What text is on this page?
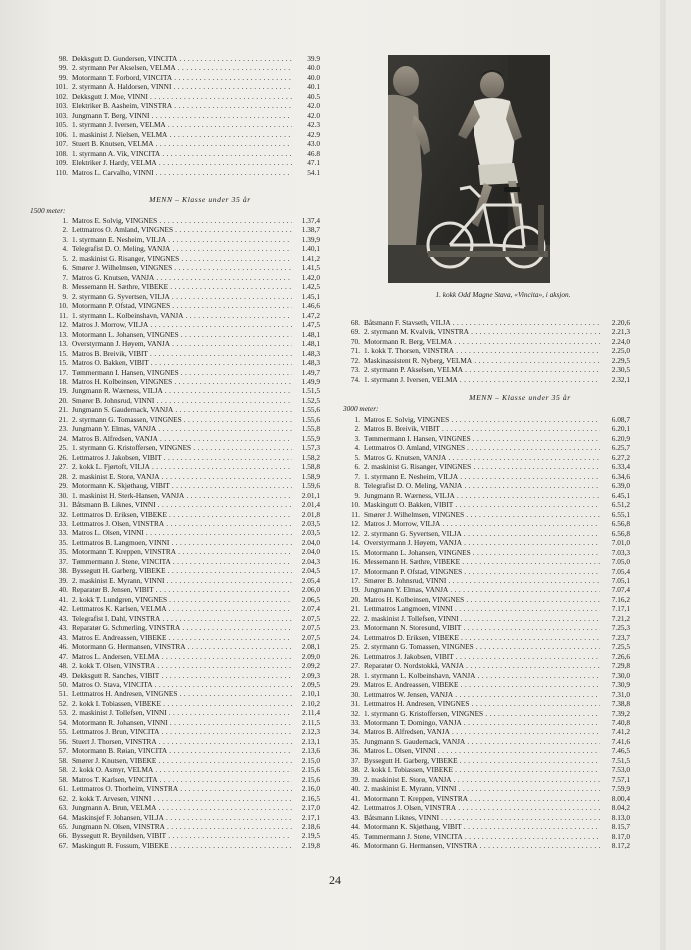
98. Dekksgutt D. Gundersen, VINCITA . . .	39.9
99. 2. styrmann Per Akselsen, VELMA . . .	40.0
99. Motormann T. Forbord, VINCITA . . .	40.0
101. 2. styrmann Å. Haldorsen, VINNI . . .	40.1
102. Dekksgutt J. Moe, VINNI . . .	40.5
103. Elektriker B. Aasheim, VINSTRA . . .	42.0
103. Jungmann T. Berg, VINNI . . .	42.0
105. 1. styrmann J. Iversen, VELMA . . .	42.3
106. 1. maskinist J. Nielsen, VELMA . . .	42.9
107. Stuert B. Knutsen, VELMA . . .	43.0
108. 1. styrmann A. Vik, VINCITA . . .	46.8
109. Elektriker J. Hardy, VELMA . . .	47.1
110. Matros L. Carvalho, VINNI . . .	54.1
MENN – Klasse under 35 år
1500 meter:
1. Matros E. Solvig, VINGNES . . .	1.37,4
2. Lettmatros O. Amland, VINGNES . . .	1.38,7
3. 1. styrmann E. Nesheim, VILJA . . .	1.39,9
4. Telegrafist D. O. Meling, VANJA . . .	1.40,1
5. 2. maskinist G. Risanger, VINGNES . . .	1.41,2
6. Smører J. Wilhelmsen, VINGNES . . .	1.41,5
7. Matros G. Knutsen, VANJA . . .	1.42,0
8. Messemann H. Sæthre, VIBEKE . . .	1.42,5
9. 2. styrmann G. Syvertsen, VILJA . . .	1.45,1
10. Motormann P. Ofstad, VINGNES . . .	1.46,6
11. 1. styrmann L. Kolbeinshavn, VANJA . . .	1.47,2
12. Matros J. Morrow, VILJA . . .	1.47,5
13. Motormann L. Johansen, VINGNES . . .	1.48,1
13. Overstyrmann J. Høyem, VANJA . . .	1.48,1
15. Matros B. Breivik, VIBIT . . .	1.48,3
15. Matros O. Bakken, VIBIT . . .	1.48,3
17. Tømmermann I. Hansen, VINGNES . . .	1.49,7
18. Matros H. Kolbeinsen, VINGNES . . .	1.49,9
19. Jungmann R. Wærness, VILJA . . .	1.51,5
20. Smører B. Johnsrud, VINNI . . .	1.52,5
21. Jungmann S. Gaudernack, VANJA . . .	1.55,6
21. 2. styrmann G. Tomassen, VINGNES . . .	1.55,6
23. Jungmann Y. Elmas, VANJA . . .	1.55,8
24. Matros B. Alfredsen, VANJA . . .	1.55,9
25. 1. styrmann G. Kristoffersen, VINGNES . . .	1.57,3
26. Lettmatros J. Jakobsen, VIBIT . . .	1.58,2
27. 2. kokk L. Fjørtoft, VILJA . . .	1.58,8
28. 2. maskinist E. Storø, VANJA . . .	1.58,9
29. Motormann K. Skjøthaug, VIBIT . . .	1.59,6
30. 1. maskinist H. Sterk-Hansen, VANJA . . .	2.01,1
31. Båtsmann B. Liknes, VINNI . . .	2.01,4
32. Lettmatros D. Eriksen, VIBEKE . . .	2.01,8
33. Lettmatros J. Olsen, VINSTRA . . .	2.03,5
33. Matros L. Olsen, VINNI . . .	2.03,5
35. Lettmatros B. Langmoen, VINNI . . .	2.04,0
35. Motormann T. Kreppen, VINSTRA . . .	2.04,0
37. Tømmermann J. Stene, VINCITA . . .	2.04,3
38. Byssegutt H. Garberg, VIBEKE . . .	2.04,5
39. 2. maskinist E. Myrann, VINNI . . .	2.05,4
40. Reparatør B. Jensen, VIBIT . . .	2.06,0
41. 2. kokk T. Lundgren, VINGNES . . .	2.06,5
42. Lettmatros K. Karlsen, VELMA . . .	2.07,4
43. Telegrafist I. Dahl, VINSTRA . . .	2.07,5
43. Reparatør G. Schmerling, VINSTRA . . .	2.07,5
43. Matros E. Andreassen, VIBEKE . . .	2.07,5
46. Motormann G. Hermansen, VINSTRA . . .	2.08,1
47. Matros L. Andersen, VELMA . . .	2.09,0
48. 2. kokk T. Olsen, VINSTRA . . .	2.09,2
49. Dekksgutt R. Sanches, VIBIT . . .	2.09,3
50. Matros O. Stava, VINCITA . . .	2.09,5
51. Lettmatros H. Andresen, VINGNES . . .	2.10,1
52. 2. kokk I. Tobiassen, VIBEKE . . .	2.10,2
53. 2. maskinist J. Tollefsen, VINNI . . .	2.11,4
54. Motormann R. Johansen, VINNI . . .	2.11,5
55. Lettmatros J. Brun, VINCITA . . .	2.12,3
56. Stuert J. Thorsen, VINSTRA . . .	2.13,1
57. Motormann B. Røian, VINCITA . . .	2.13,6
58. Smører J. Knutsen, VIBEKE . . .	2.15,0
58. 2. kokk O. Asmyr, VELMA . . .	2.15,6
58. Matros T. Karlsen, VINCITA . . .	2.15,6
61. Lettmatros O. Thorheim, VINSTRA . . .	2.16,0
62. 2. kokk T. Arvesen, VINNI . . .	2.16,5
63. Jungmann A. Brun, VELMA . . .	2.17,0
64. Maskinsjef F. Johansen, VILJA . . .	2.17,1
65. Jungmann N. Olsen, VINSTRA . . .	2.18,6
66. Byssegutt R. Brynildsen, VIBIT . . .	2.19,5
67. Maskingutt R. Fossum, VIBEKE . . .	2.19,8
1. kokk Odd Magne Stava, «Vincita», i aksjon.
68. Båtsmann F. Stavseth, VILJA . . .	2.20,6
69. 2. styrmann M. Kvalvik, VINSTRA . . .	2.21,3
70. Motormann R. Berg, VELMA . . .	2.24,0
71. 1. kokk T. Thorsen, VINSTRA . . .	2.25,0
72. Maskinassistent R. Nyberg, VELMA . . .	2.29,5
73. 2. styrmann P. Akselsen, VELMA . . .	2.30,5
74. 1. styrmann J. Iversen, VELMA . . .	2.32,1
MENN – Klasse under 35 år
3000 meter:
1. Matros E. Solvig, VINGNES . . .	6.08,7
2. Matros B. Breivik, VIBIT . . .	6.20,1
3. Tømmermann I. Hansen, VINGNES . . .	6.20,9
4. Lettmatros O. Amland, VINGNES . . .	6.25,7
5. Matros G. Knutsen, VANJA . . .	6.27,2
6. 2. maskinist G. Risanger, VINGNES . . .	6.33,4
7. 1. styrmann E. Nesheim, VILJA . . .	6.34,6
8. Telegrafist D. O. Meling, VANJA . . .	6.39,0
9. Jungmann R. Wærness, VILJA . . .	6.45,1
10. Maskingutt O. Bakken, VIBIT . . .	6.51,2
11. Smører J. Wilhelmsen, VINGNES . . .	6.55,1
12. Matros J. Morrow, VILJA . . .	6.56,8
12. 2. styrmann G. Syvertsen, VILJA . . .	6.56,8
14. Overstyrmann J. Høyem, VANJA . . .	7.01,0
15. Motormann L. Johansen, VINGNES . . .	7.03,3
16. Messemann H. Sæthre, VIBEKE . . .	7.05,0
17. Motormann P. Ofstad, VINGNES . . .	7.05,4
17. Smører B. Johnsrud, VINNI . . .	7.05,1
19. Jungmann Y. Elmas, VANJA . . .	7.07,4
20. Matros H. Kolbeinsen, VINGNES . . .	7.16,2
21. Lettmatros Langmoen, VINNI . . .	7.17,1
22. 2. maskinist J. Tollefsen, VINNI . . .	7.21,2
23. Motormann N. Storesund, VIBIT . . .	7.25,3
24. Lettmatros D. Eriksen, VIBEKE . . .	7.23,7
25. 2. styrmann G. Tomassen, VINGNES . . .	7.25,5
26. Lettmatros J. Jakobsen, VIBIT . . .	7.26,6
27. Reparatør O. Nordstokkå, VANJA . . .	7.29,8
28. 1. styrmann L. Kolbeinshavn, VANJA . . .	7.30,0
29. Matros E. Andreassen, VIBEKE . . .	7.30,9
30. Lettmatros W. Jensen, VANJA . . .	7.31,0
31. Lettmatros H. Andresen, VINGNES . . .	7.38,8
32. 1. styrmann G. Kristoffersen, VINGNES . . .	7.39,2
33. Motormann T. Domingo, VANJA . . .	7.40,8
34. Matros B. Alfredsen, VANJA . . .	7.41,2
35. Jungmann S. Gaudernack, VANJA . . .	7.41,6
36. Matros L. Olsen, VINNI . . .	7.46,5
37. Byssegutt H. Garberg, VIBEKE . . .	7.51,5
38. 2. kokk I. Tobiassen, VIBEKE . . .	7.53,0
39. 2. maskinist E. Storø, VANJA . . .	7.57,1
40. 2. maskinist E. Myrann, VINNI . . .	7.59,9
41. Motormann T. Kreppen, VINSTRA . . .	8.00,4
42. Lettmatros J. Olsen, VINSTRA . . .	8.04,2
43. Båtsmann Liknes, VINNI . . .	8.13,0
44. Motormann K. Skjøthaug, VIBIT . . .	8.15,7
45. Tømmermann J. Stene, VINCITA . . .	8.17,0
46. Motormann G. Hermansen, VINSTRA . . .	8.17,2
24
